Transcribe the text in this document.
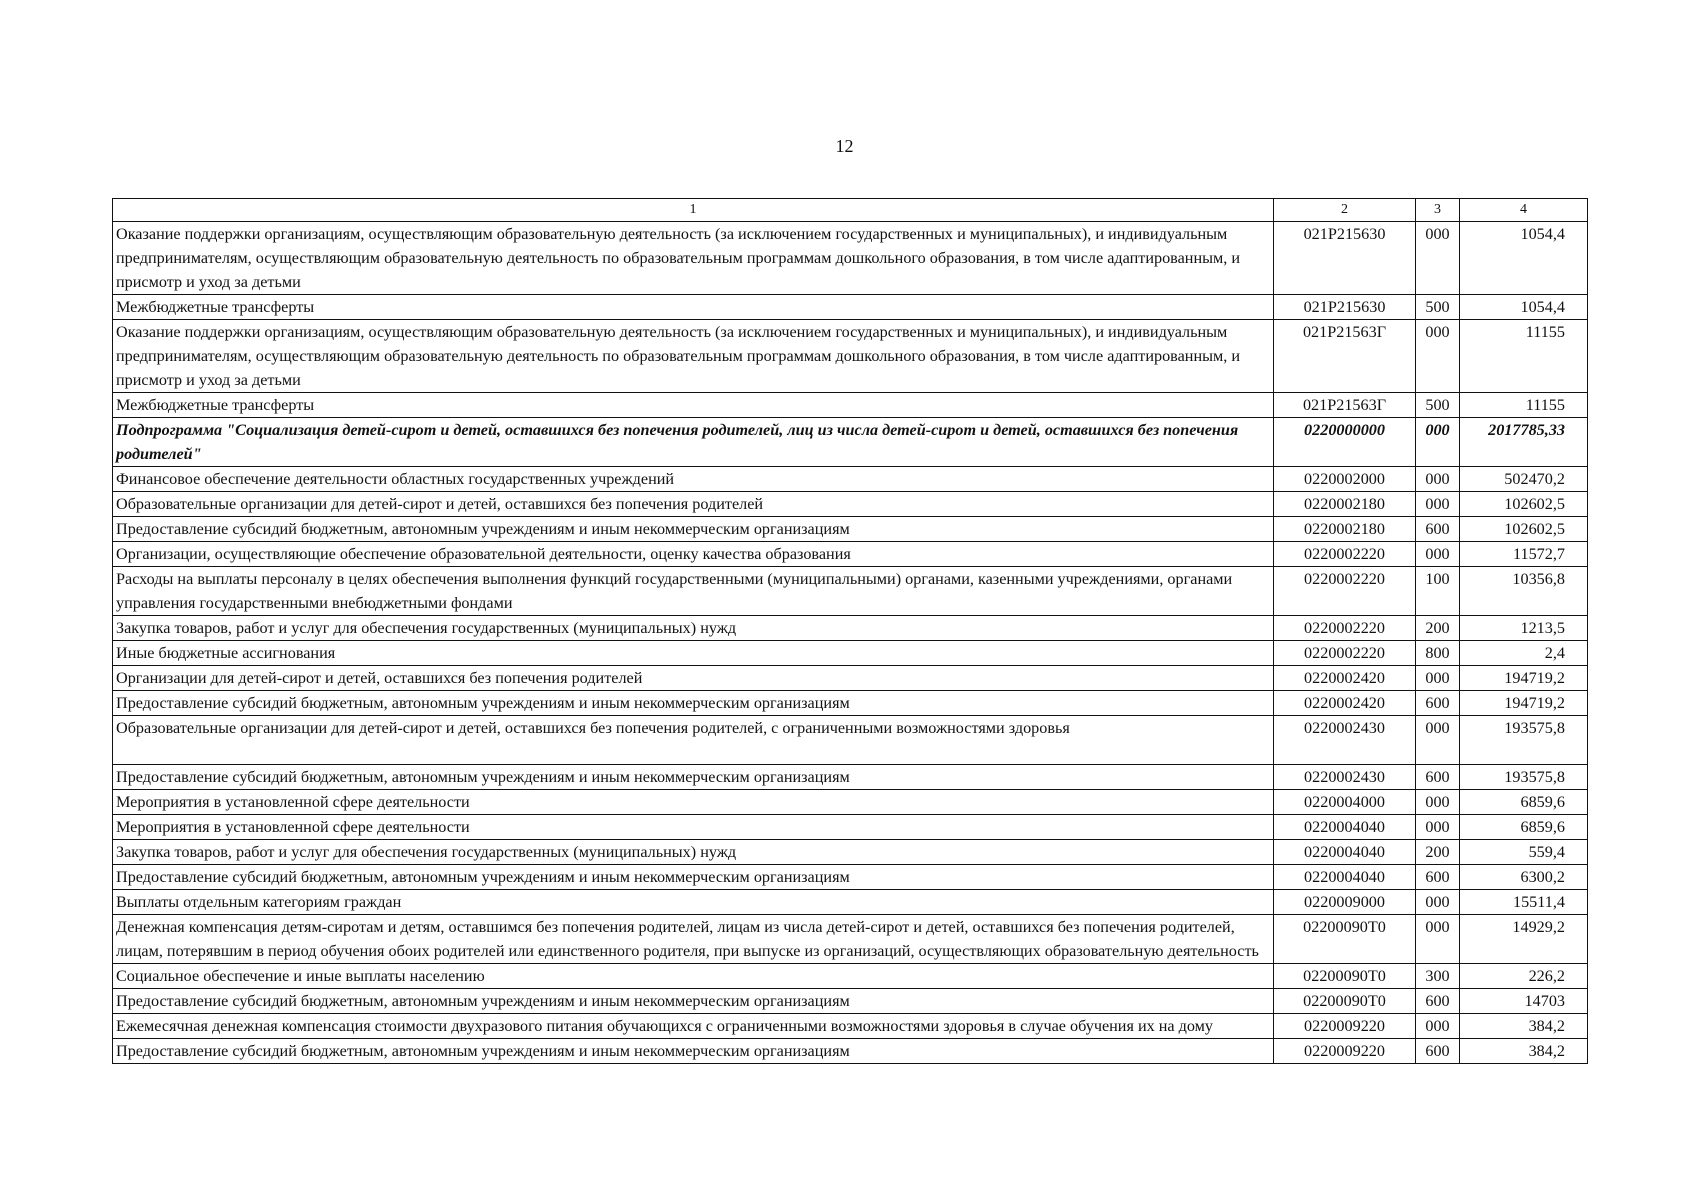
12
1	2	3	4
Оказание поддержки организациям, осуществляющим образовательную деятельность (за исключением государственных и муниципальных), и индивидуальным предпринимателям, осуществляющим образовательную деятельность по образовательным программам дошкольного образования, в том числе адаптированным, и присмотр и уход за детьми	021P215630	000	1054,4
Межбюджетные трансферты	021P215630	500	1054,4
Оказание поддержки организациям, осуществляющим образовательную деятельность (за исключением государственных и муниципальных), и индивидуальным предпринимателям, осуществляющим образовательную деятельность по образовательным программам дошкольного образования, в том числе адаптированным, и присмотр и уход за детьми	021P21563Г	000	11155
Межбюджетные трансферты	021P21563Г	500	11155
Подпрограмма "Социализация детей-сирот и детей, оставшихся без попечения родителей, лиц из числа детей-сирот и детей, оставшихся без попечения родителей"	0220000000	000	2017785,33
Финансовое обеспечение деятельности областных государственных учреждений	0220002000	000	502470,2
Образовательные организации для детей-сирот и детей, оставшихся без попечения родителей	0220002180	000	102602,5
Предоставление субсидий бюджетным, автономным учреждениям и иным некоммерческим организациям	0220002180	600	102602,5
Организации, осуществляющие обеспечение образовательной деятельности, оценку качества образования	0220002220	000	11572,7
Расходы на выплаты персоналу в целях обеспечения выполнения функций государственными (муниципальными) органами, казенными учреждениями, органами управления государственными внебюджетными фондами	0220002220	100	10356,8
Закупка товаров, работ и услуг для обеспечения государственных (муниципальных) нужд	0220002220	200	1213,5
Иные бюджетные ассигнования	0220002220	800	2,4
Организации для детей-сирот и детей, оставшихся без попечения родителей	0220002420	000	194719,2
Предоставление субсидий бюджетным, автономным учреждениям и иным некоммерческим организациям	0220002420	600	194719,2
Образовательные организации для детей-сирот и детей, оставшихся без попечения родителей, с ограниченными возможностями здоровья	0220002430	000	193575,8
Предоставление субсидий бюджетным, автономным учреждениям и иным некоммерческим организациям	0220002430	600	193575,8
Мероприятия в установленной сфере деятельности	0220004000	000	6859,6
Мероприятия в установленной сфере деятельности	0220004040	000	6859,6
Закупка товаров, работ и услуг для обеспечения государственных (муниципальных) нужд	0220004040	200	559,4
Предоставление субсидий бюджетным, автономным учреждениям и иным некоммерческим организациям	0220004040	600	6300,2
Выплаты отдельным категориям граждан	0220009000	000	15511,4
Денежная компенсация детям-сиротам и детям, оставшимся без попечения родителей, лицам из числа детей-сирот и детей, оставшихся без попечения родителей, лицам, потерявшим в период обучения обоих родителей или единственного родителя, при выпуске из организаций, осуществляющих образовательную деятельность	02200090T0	000	14929,2
Социальное обеспечение и иные выплаты населению	02200090T0	300	226,2
Предоставление субсидий бюджетным, автономным учреждениям и иным некоммерческим организациям	02200090T0	600	14703
Ежемесячная денежная компенсация стоимости двухразового питания обучающихся с ограниченными возможностями здоровья в случае обучения их на дому	0220009220	000	384,2
Предоставление субсидий бюджетным, автономным учреждениям и иным некоммерческим организациям	0220009220	600	384,2
